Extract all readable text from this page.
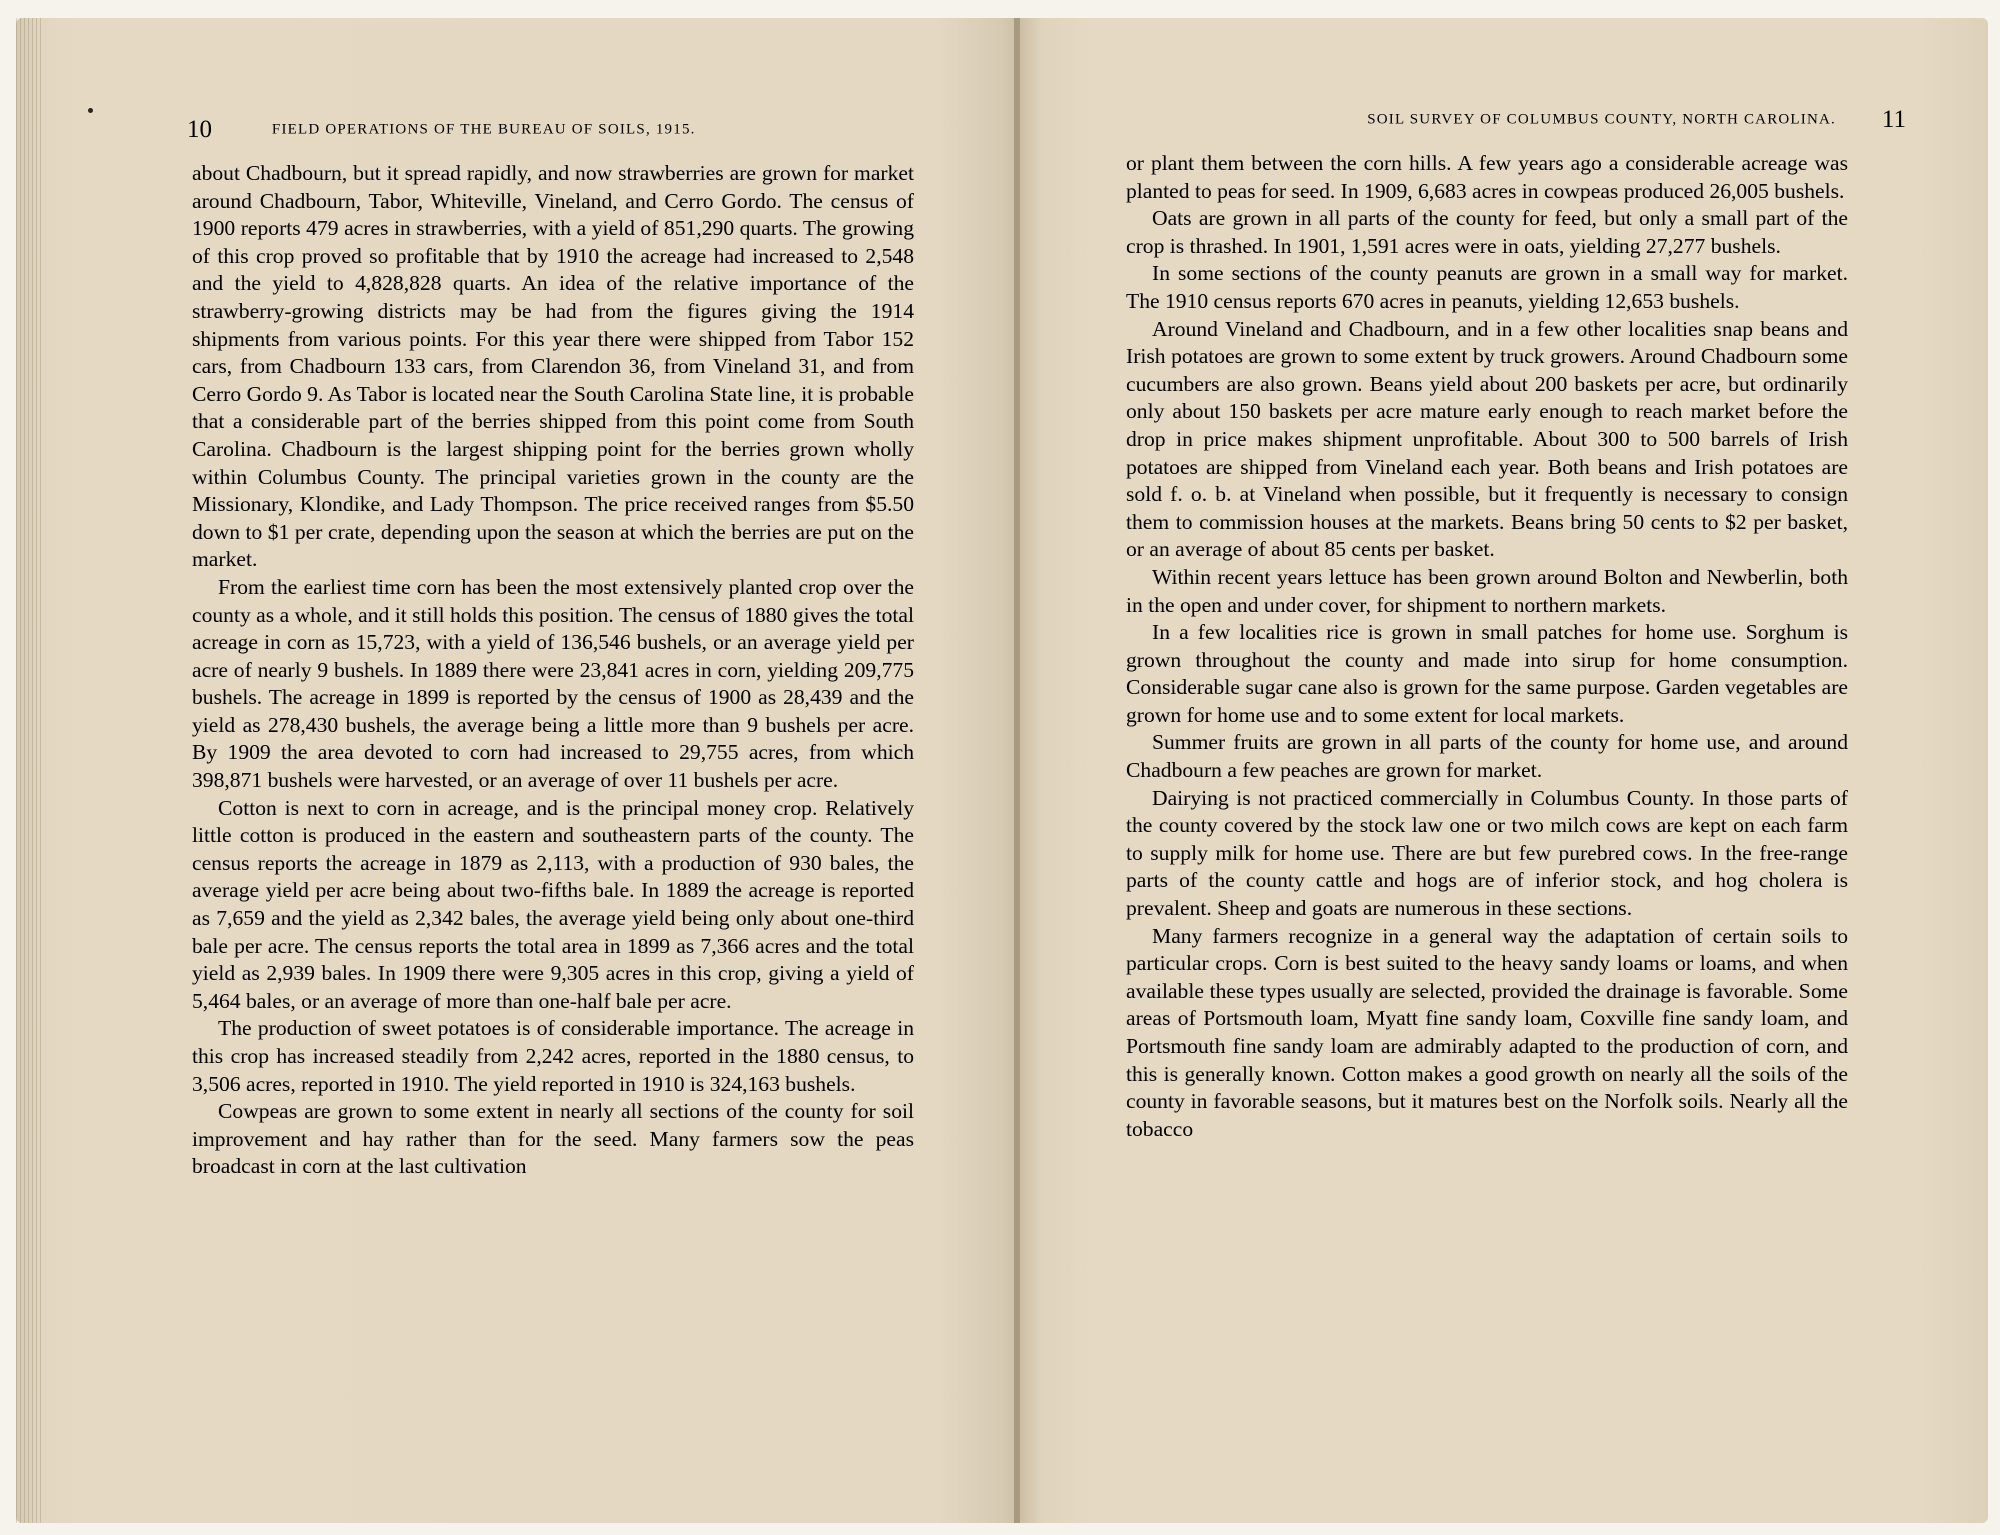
10	FIELD OPERATIONS OF THE BUREAU OF SOILS, 1915.
SOIL SURVEY OF COLUMBUS COUNTY, NORTH CAROLINA. 11

about Chadbourn, but it spread rapidly, and now strawberries are grown for market around Chadbourn, Tabor, Whiteville, Vineland, and Cerro Gordo. The census of 1900 reports 479 acres in strawberries, with a yield of 851,290 quarts. The growing of this crop proved so profitable that by 1910 the acreage had increased to 2,548 and the yield to 4,828,828 quarts. An idea of the relative importance of the strawberry-growing districts may be had from the figures giving the 1914 shipments from various points. For this year there were shipped from Tabor 152 cars, from Chadbourn 133 cars, from Clarendon 36, from Vineland 31, and from Cerro Gordo 9. As Tabor is located near the South Carolina State line, it is probable that a considerable part of the berries shipped from this point come from South Carolina. Chadbourn is the largest shipping point for the berries grown wholly within Columbus County. The principal varieties grown in the county are the Missionary, Klondike, and Lady Thompson. The price received ranges from $5.50 down to $1 per crate, depending upon the season at which the berries are put on the market.

From the earliest time corn has been the most extensively planted crop over the county as a whole, and it still holds this position. The census of 1880 gives the total acreage in corn as 15,723, with a yield of 136,546 bushels, or an average yield per acre of nearly 9 bushels. In 1889 there were 23,841 acres in corn, yielding 209,775 bushels. The acreage in 1899 is reported by the census of 1900 as 28,439 and the yield as 278,430 bushels, the average being a little more than 9 bushels per acre. By 1909 the area devoted to corn had increased to 29,755 acres, from which 398,871 bushels were harvested, or an average of over 11 bushels per acre.

Cotton is next to corn in acreage, and is the principal money crop. Relatively little cotton is produced in the eastern and southeastern parts of the county. The census reports the acreage in 1879 as 2,113, with a production of 930 bales, the average yield per acre being about two-fifths bale. In 1889 the acreage is reported as 7,659 and the yield as 2,342 bales, the average yield being only about one-third bale per acre. The census reports the total area in 1899 as 7,366 acres and the total yield as 2,939 bales. In 1909 there were 9,305 acres in this crop, giving a yield of 5,464 bales, or an average of more than one-half bale per acre.

The production of sweet potatoes is of considerable importance. The acreage in this crop has increased steadily from 2,242 acres, reported in the 1880 census, to 3,506 acres, reported in 1910. The yield reported in 1910 is 324,163 bushels.

Cowpeas are grown to some extent in nearly all sections of the county for soil improvement and hay rather than for the seed. Many farmers sow the peas broadcast in corn at the last cultivation

or plant them between the corn hills. A few years ago a considerable acreage was planted to peas for seed. In 1909, 6,683 acres in cowpeas produced 26,005 bushels.

Oats are grown in all parts of the county for feed, but only a small part of the crop is thrashed. In 1901, 1,591 acres were in oats, yielding 27,277 bushels.

In some sections of the county peanuts are grown in a small way for market. The 1910 census reports 670 acres in peanuts, yielding 12,653 bushels.

Around Vineland and Chadbourn, and in a few other localities snap beans and Irish potatoes are grown to some extent by truck growers. Around Chadbourn some cucumbers are also grown. Beans yield about 200 baskets per acre, but ordinarily only about 150 baskets per acre mature early enough to reach market before the drop in price makes shipment unprofitable. About 300 to 500 barrels of Irish potatoes are shipped from Vineland each year. Both beans and Irish potatoes are sold f. o. b. at Vineland when possible, but it frequently is necessary to consign them to commission houses at the markets. Beans bring 50 cents to $2 per basket, or an average of about 85 cents per basket.

Within recent years lettuce has been grown around Bolton and Newberlin, both in the open and under cover, for shipment to northern markets.

In a few localities rice is grown in small patches for home use. Sorghum is grown throughout the county and made into sirup for home consumption. Considerable sugar cane also is grown for the same purpose. Garden vegetables are grown for home use and to some extent for local markets.

Summer fruits are grown in all parts of the county for home use, and around Chadbourn a few peaches are grown for market.

Dairying is not practiced commercially in Columbus County. In those parts of the county covered by the stock law one or two milch cows are kept on each farm to supply milk for home use. There are but few purebred cows. In the free-range parts of the county cattle and hogs are of inferior stock, and hog cholera is prevalent. Sheep and goats are numerous in these sections.

Many farmers recognize in a general way the adaptation of certain soils to particular crops. Corn is best suited to the heavy sandy loams or loams, and when available these types usually are selected, provided the drainage is favorable. Some areas of Portsmouth loam, Myatt fine sandy loam, Coxville fine sandy loam, and Portsmouth fine sandy loam are admirably adapted to the production of corn, and this is generally known. Cotton makes a good growth on nearly all the soils of the county in favorable seasons, but it matures best on the Norfolk soils. Nearly all the tobacco
